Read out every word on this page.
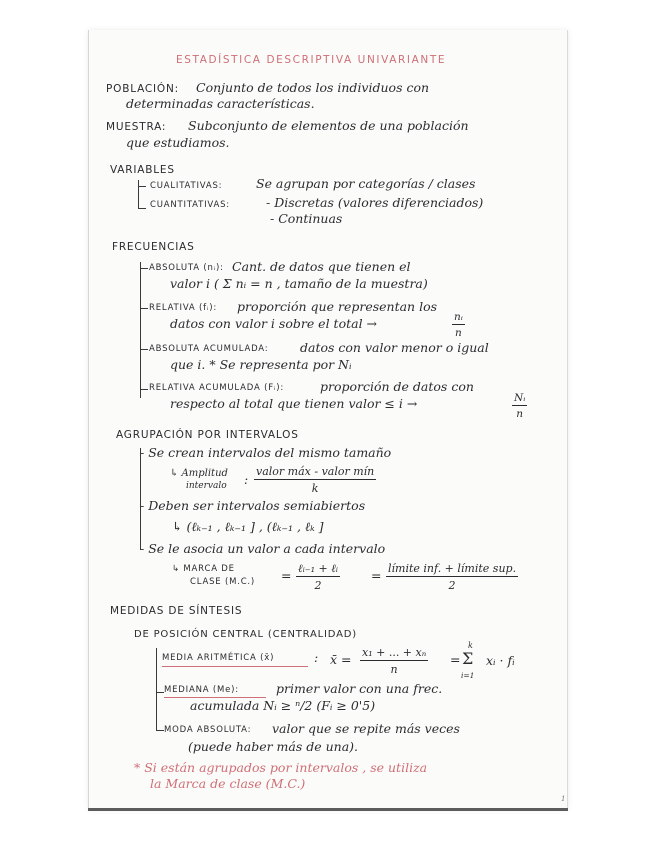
ESTADÍSTICA DESCRIPTIVA UNIVARIANTE
POBLACIÓN: Conjunto de todos los individuos con
determinadas características.
MUESTRA: Subconjunto de elementos de una población
que estudiamos.
VARIABLES
CUALITATIVAS:	Se agrupan por categorías / clases
CUANTITATIVAS:	- Discretas (valores diferenciados)
- Continuas
FRECUENCIAS
ABSOLUTA (nᵢ): Cant. de datos que tienen el
valor i ( Σ nᵢ = n , tamaño de la muestra)
RELATIVA (fᵢ): proporción que representan los
datos con valor i sobre el total →	$\frac{\text{nᵢ}}{n}$
ABSOLUTA ACUMULADA:	datos con valor menor o igual
que i. * Se representa por Nᵢ
RELATIVA ACUMULADA (Fᵢ):	proporción de datos con
respecto al total que tienen valor ≤ i →	$\frac{\text{Nᵢ}}{n}$
AGRUPACIÓN POR INTERVALOS
- Se crean intervalos del mismo tamaño
↳ Amplitud
intervalo :
valor máx - valor mín
k
- Deben ser intervalos semiabiertos
↳ (ℓₖ₋₁ , ℓₖ₋₁ ] , (ℓₖ₋₁ , ℓₖ ]
- Se le asocia un valor a cada intervalo
↳ MARCA DE
CLASE (M.C.) = ℓᵢ₋₁ + ℓᵢ
2
= límite inf. + límite sup.
2
MEDIDAS DE SÍNTESIS
DE POSICIÓN CENTRAL (CENTRALIDAD)
MEDIA ARITMÉTICA (x̄)	: x̄ = $\frac{\text{x₁ + ... + xₙ}}{n}$ =
k
Σ
i=1
xᵢ · fᵢ
MEDIANA (Me):	primer valor con una frec.
acumulada Nᵢ ≥ ⁿ/2 (Fᵢ ≥ 0'5)
MODA ABSOLUTA: valor que se repite más veces
(puede haber más de una).
* Si están agrupados por intervalos , se utiliza
la Marca de clase (M.C.)
1
